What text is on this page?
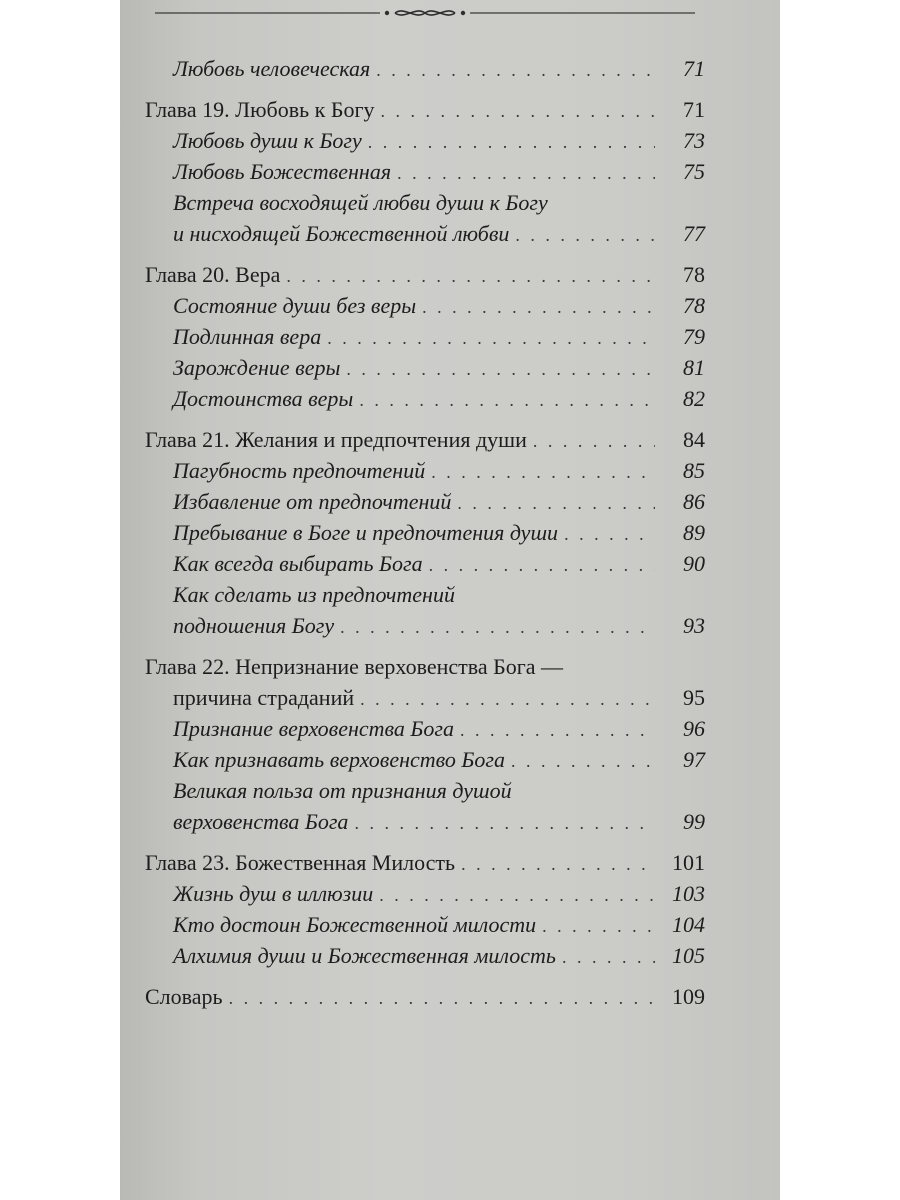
Любовь человеческая . . .	71
Глава 19. Любовь к Богу . . .	71
Любовь души к Богу . . .	73
Любовь Божественная . . .	75
Встреча восходящей любви души к Богу
и нисходящей Божественной любви . . .	77
Глава 20. Вера . . .	78
Состояние души без веры . . .	78
Подлинная вера . . .	79
Зарождение веры . . .	81
Достоинства веры . . .	82
Глава 21. Желания и предпочтения души . . .	84
Пагубность предпочтений . . .	85
Избавление от предпочтений . . .	86
Пребывание в Боге и предпочтения души . . .	89
Как всегда выбирать Бога . . .	90
Как сделать из предпочтений
подношения Богу . . .	93
Глава 22. Непризнание верховенства Бога —
причина страданий . . .	95
Признание верховенства Бога . . .	96
Как признавать верховенство Бога . . .	97
Великая польза от признания душой
верховенства Бога . . .	99
Глава 23. Божественная Милость . . .	101
Жизнь душ в иллюзии . . .	103
Кто достоин Божественной милости . . .	104
Алхимия души и Божественная милость . . .	105
Словарь . . .	109
